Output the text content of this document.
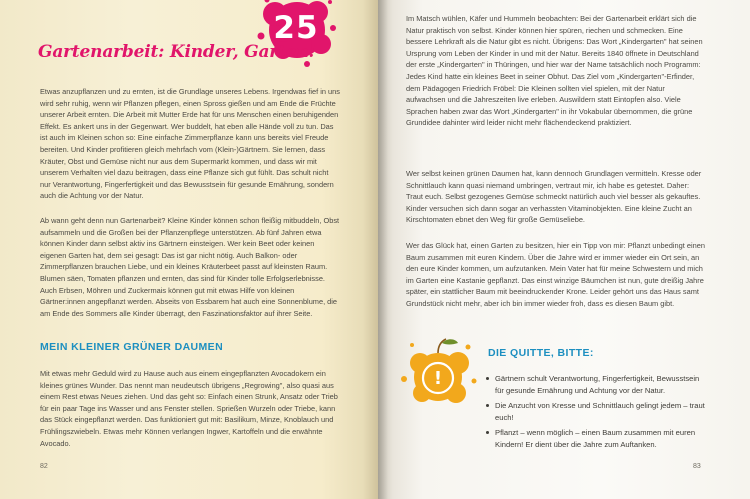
25
Gartenarbeit: Kinder, Garten!

Etwas anzupflanzen und zu ernten, ist die Grundlage unseres Lebens. Irgendwas fief in uns wird sehr ruhig, wenn wir Pflanzen pflegen, einen Spross gießen und am Ende die Früchte unserer Arbeit ernten. Die Arbeit mit Mutter Erde hat für uns Menschen einen beruhigenden Effekt. Es ankert uns in der Gegenwart. Wer buddelt, hat eben alle Hände voll zu tun. Das ist auch im Kleinen schon so: Eine einfache Zimmerpflanze kann uns bereits viel Freude bereiten. Und Kinder profitieren gleich mehrfach vom (Klein-)Gärtnern. Sie lernen, dass Kräuter, Obst und Gemüse nicht nur aus dem Supermarkt kommen, und dass wir mit unserem Verhalten viel dazu beitragen, dass eine Pflanze sich gut fühlt. Das schult nicht nur Verantwortung, Fingerfertigkeit und das Bewusstsein für gesunde Ernährung, sondern auch die Achtung vor der Natur.

Ab wann geht denn nun Gartenarbeit? Kleine Kinder können schon fleißig mitbuddeln, Obst aufsammeln und die Großen bei der Pflanzenpflege unterstützen. Ab fünf Jahren etwa können Kinder dann selbst aktiv ins Gärtnern einsteigen. Wer kein Beet oder keinen eigenen Garten hat, dem sei gesagt: Das ist gar nicht nötig. Auch Balkon- oder Zimmerpflanzen brauchen Liebe, und ein kleines Kräuterbeet passt auf kleinsten Raum. Blumen säen, Tomaten pflanzen und ernten, das sind für Kinder tolle Erfolgserlebnisse. Auch Erbsen, Möhren und Zuckermais können gut mit etwas Hilfe von kleinen Gärtner:innen angepflanzt werden. Abseits von Essbarem hat auch eine Sonnenblume, die am Ende des Sommers alle Kinder überragt, den Faszinationsfaktor auf ihrer Seite.

MEIN KLEINER GRÜNER DAUMEN

Mit etwas mehr Geduld wird zu Hause auch aus einem eingepflanzten Avocadokern ein kleines grünes Wunder. Das nennt man neudeutsch übrigens „Regrowing", also quasi aus einem Rest etwas Neues ziehen. Und das geht so: Einfach einen Strunk, Ansatz oder Trieb für ein paar Tage ins Wasser und ans Fenster stellen. Sprießen Wurzeln oder Triebe, kann das Stück eingepflanzt werden. Das funktioniert gut mit: Basilikum, Minze, Knoblauch und Frühlingszwiebeln. Etwas mehr Können verlangen Ingwer, Kartoffeln und die erwähnte Avocado.

82

Im Matsch wühlen, Käfer und Hummeln beobachten: Bei der Gartenarbeit erklärt sich die Natur praktisch von selbst. Kinder können hier spüren, riechen und schmecken. Eine bessere Lehrkraft als die Natur gibt es nicht. Übrigens: Das Wort „Kindergarten" hat seinen Ursprung vom Leben der Kinder in und mit der Natur. Bereits 1840 öffnete in Deutschland der erste „Kindergarten" in Thüringen, und hier war der Name tatsächlich noch Programm: Jedes Kind hatte ein kleines Beet in seiner Obhut. Das Ziel vom „Kindergarten"-Erfinder, dem Pädagogen Friedrich Fröbel: Die Kleinen sollten viel spielen, mit der Natur aufwachsen und die Jahreszeiten live erleben. Auswildern statt Eintopfen also. Viele Sprachen haben zwar das Wort „Kindergarten" in ihr Vokabular übernommen, die grüne Grundidee dahinter wird leider nicht mehr flächendeckend praktiziert.

Wer selbst keinen grünen Daumen hat, kann dennoch Grundlagen vermitteln. Kresse oder Schnittlauch kann quasi niemand umbringen, vertraut mir, ich habe es getestet. Daher: Traut euch. Selbst gezogenes Gemüse schmeckt natürlich auch viel besser als gekauftes. Kinder versuchen sich dann sogar an verhassten Vitaminobjekten. Eine kleine Zucht an Kirschtomaten ebnet den Weg für große Gemüseliebe.

Wer das Glück hat, einen Garten zu besitzen, hier ein Tipp von mir: Pflanzt unbedingt einen Baum zusammen mit euren Kindern. Über die Jahre wird er immer wieder ein Ort sein, an den eure Kinder kommen, um aufzutanken. Mein Vater hat für meine Schwestern und mich im Garten eine Kastanie gepflanzt. Das einst winzige Bäumchen ist nun, gute dreißig Jahre später, ein stattlicher Baum mit beeindruckender Krone. Leider gehört uns das Haus samt Grundstück nicht mehr, aber ich bin immer wieder froh, dass es diesen Baum gibt.

!
DIE QUITTE, BITTE:
Gärtnern schult Verantwortung, Fingerfertigkeit, Bewusstsein für gesunde Ernährung und Achtung vor der Natur.
Die Anzucht von Kresse und Schnittlauch gelingt jedem – traut euch!
Pflanzt – wenn möglich – einen Baum zusammen mit euren Kindern! Er dient über die Jahre zum Auftanken.
83
